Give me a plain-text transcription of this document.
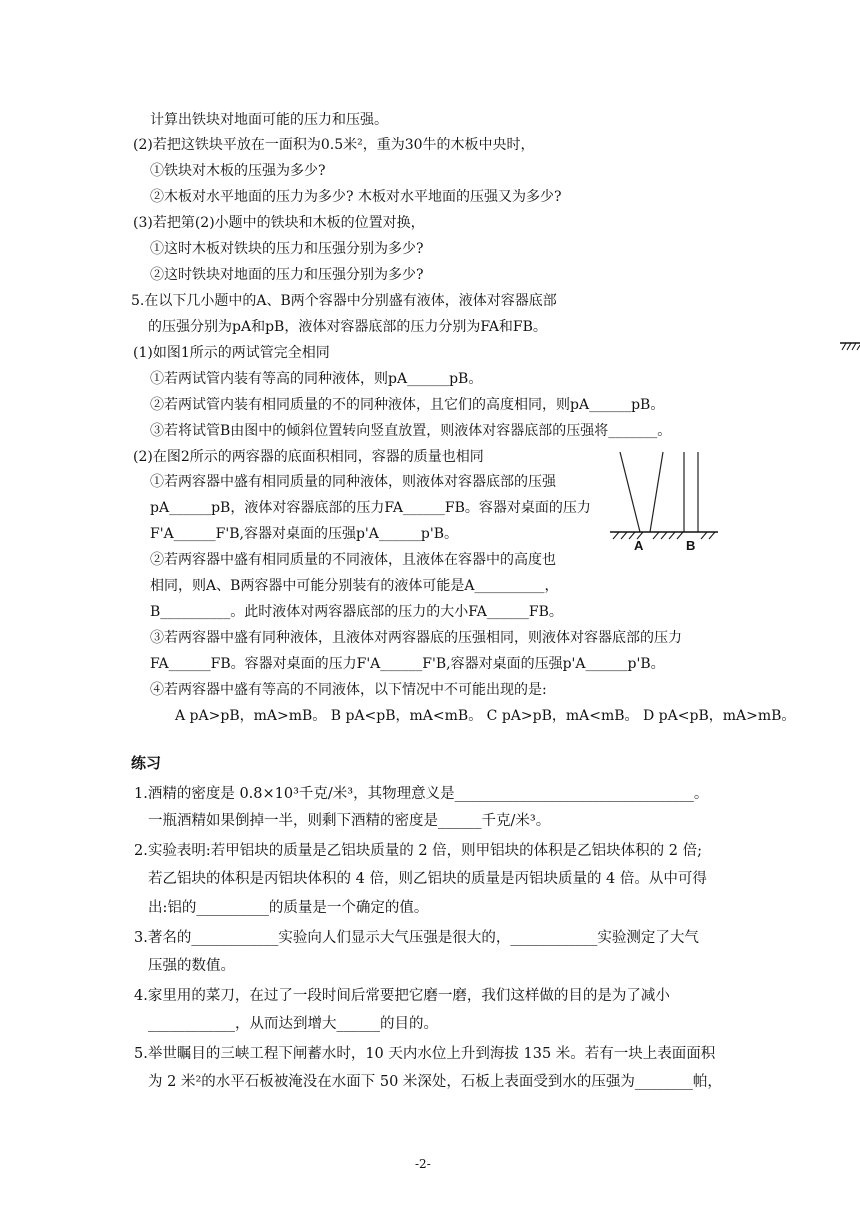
计算出铁块对地面可能的压力和压强。
(2)若把这铁块平放在一面积为0.5米²，重为30牛的木板中央时，
①铁块对木板的压强为多少?
②木板对水平地面的压力为多少? 木板对水平地面的压强又为多少?
(3)若把第(2)小题中的铁块和木板的位置对换，
①这时木板对铁块的压力和压强分别为多少?
②这时铁块对地面的压力和压强分别为多少?
5.在以下几小题中的A、B两个容器中分别盛有液体，液体对容器底部
的压强分别为pA和pB，液体对容器底部的压力分别为FA和FB。
(1)如图1所示的两试管完全相同
①若两试管内装有等高的同种液体，则pA______pB。
②若两试管内装有相同质量的不的同种液体，且它们的高度相同，则pA______pB。
③若将试管B由图中的倾斜位置转向竖直放置，则液体对容器底部的压强将_______。
(2)在图2所示的两容器的底面积相同，容器的质量也相同
①若两容器中盛有相同质量的同种液体，则液体对容器底部的压强
pA______pB，液体对容器底部的压力FA______FB。容器对桌面的压力
F'A______F'B,容器对桌面的压强p'A______p'B。
②若两容器中盛有相同质量的不同液体，且液体在容器中的高度也
相同，则A、B两容器中可能分别装有的液体可能是A__________，
B__________。此时液体对两容器底部的压力的大小FA______FB。
③若两容器中盛有同种液体，且液体对两容器底的压强相同，则液体对容器底部的压力
FA______FB。容器对桌面的压力F'A______F'B,容器对桌面的压强p'A______p'B。
④若两容器中盛有等高的不同液体，以下情况中不可能出现的是:
A pA>pB，mA>mB。 B pA<pB，mA<mB。 C pA>pB，mA<mB。 D pA<pB，mA>mB。
A	B
练习
1.酒精的密度是 0.8×10³千克/米³，其物理意义是_________________________________。
一瓶酒精如果倒掉一半，则剩下酒精的密度是______千克/米³。
2.实验表明:若甲铝块的质量是乙铝块质量的 2 倍，则甲铝块的体积是乙铝块体积的 2 倍;
若乙铝块的体积是丙铝块体积的 4 倍，则乙铝块的质量是丙铝块质量的 4 倍。从中可得
出:铝的__________的质量是一个确定的值。
3.著名的____________实验向人们显示大气压强是很大的，____________实验测定了大气
压强的数值。
4.家里用的菜刀，在过了一段时间后常要把它磨一磨，我们这样做的目的是为了减小
____________，从而达到增大______的目的。
5.举世瞩目的三峡工程下闸蓄水时，10 天内水位上升到海拔 135 米。若有一块上表面面积
为 2 米²的水平石板被淹没在水面下 50 米深处，石板上表面受到水的压强为________帕，
-2-
